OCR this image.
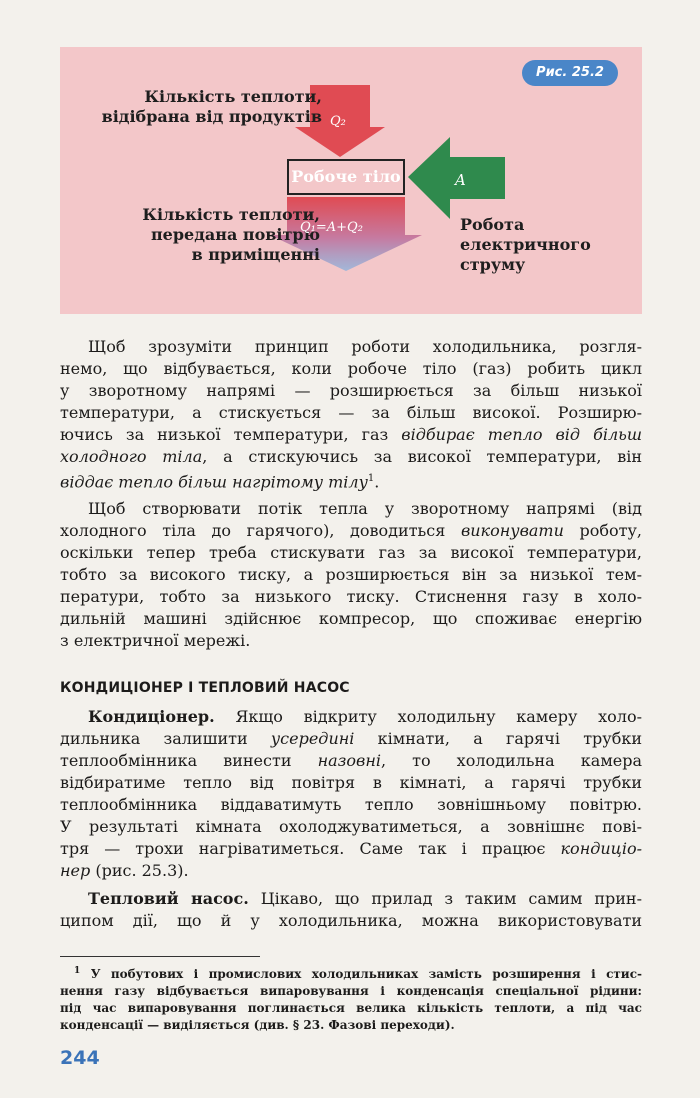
Рис. 25.2
Кількість теплоти,
відібрана від продуктів Q₂
Робоче тіло	A
Кількість теплоти,
передана повітрю
в приміщенні
Q₁=A+Q₂	Робота
електричного
струму
Щоб зрозуміти принцип роботи холодильника, розгля-
немо, що відбувається, коли робоче тіло (газ) робить цикл
у зворотному напрямі — розширюється за більш низької
температури, а стискується — за більш високої. Розширю-
ючись за низької температури, газ відбирає тепло від більш
холодного тіла, а стискуючись за високої температури, він
віддає тепло більш нагрітому тілу$^1$.
Щоб створювати потік тепла у зворотному напрямі (від
холодного тіла до гарячого), доводиться виконувати роботу,
оскільки тепер треба стискувати газ за високої температури,
тобто за високого тиску, а розширюється він за низької тем-
ператури, тобто за низького тиску. Стиснення газу в холо-
дильній машині здійснює компресор, що споживає енергію
з електричної мережі.
КОНДИЦІОНЕР І ТЕПЛОВИЙ НАСОС
Кондиціонер. Якщо відкриту холодильну камеру холо-
дильника залишити усередині кімнати, а гарячі трубки
теплообмінника винести назовні, то холодильна камера
відбиратиме тепло від повітря в кімнаті, а гарячі трубки
теплообмінника віддаватимуть тепло зовнішньому повітрю.
У результаті кімната охолоджуватиметься, а зовнішнє пові-
тря — трохи нагріватиметься. Саме так і працює кондиціо-
нер (рис. 25.3).
Тепловий насос. Цікаво, що прилад з таким самим прин-
ципом дії, що й у холодильника, можна використовувати
$^1$ У побутових і промислових холодильниках замість розширення і стис-
нення газу відбувається випаровування і конденсація спеціальної рідини:
під час випаровування поглинається велика кількість теплоти, а під час
конденсації — виділяється (див. § 23. Фазові переходи).
244
